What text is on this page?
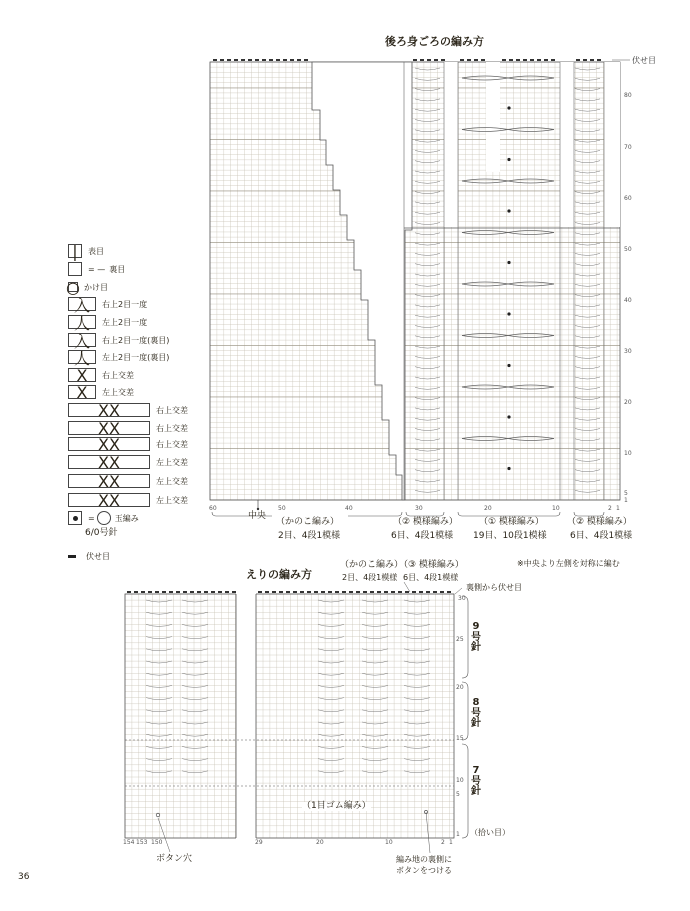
後ろ身ごろの編み方
伏せ目
80
70
60
50
40
30
20
10
5
1
60	50	40	30	20	10	2 1
中央
（かのこ編み）
2目、4段1模様
（② 模様編み）
6目、4段1模様
（① 模様編み）
19目、10段1模様
（② 模様編み）
6目、4段1模様
※中央より左側を対称に編む
|	表目
= — 裏目
○ かけ目
入	右上2目一度
人	左上2目一度
入	右上2目一度(裏目)
人	左上2目一度(裏目)
X	右上交差
X	左上交差
XX	右上交差
XX	右上交差
XX	右上交差
XX	左上交差
XX	左上交差
XX	左上交差
=	玉編み
6/0号針
伏せ目
えりの編み方
（かのこ編み）
2目、4段1模様
（③ 模様編み）
6目、4段1模様
裏側から伏せ目
30
25
20
15
10
5
1
154 153 150	29	20	10	2 1
9
号
針
8
号
針
7
号
針
（1目ゴム編み）
（拾い目）
ボタン穴	編み地の裏側に
ボタンをつける
36
